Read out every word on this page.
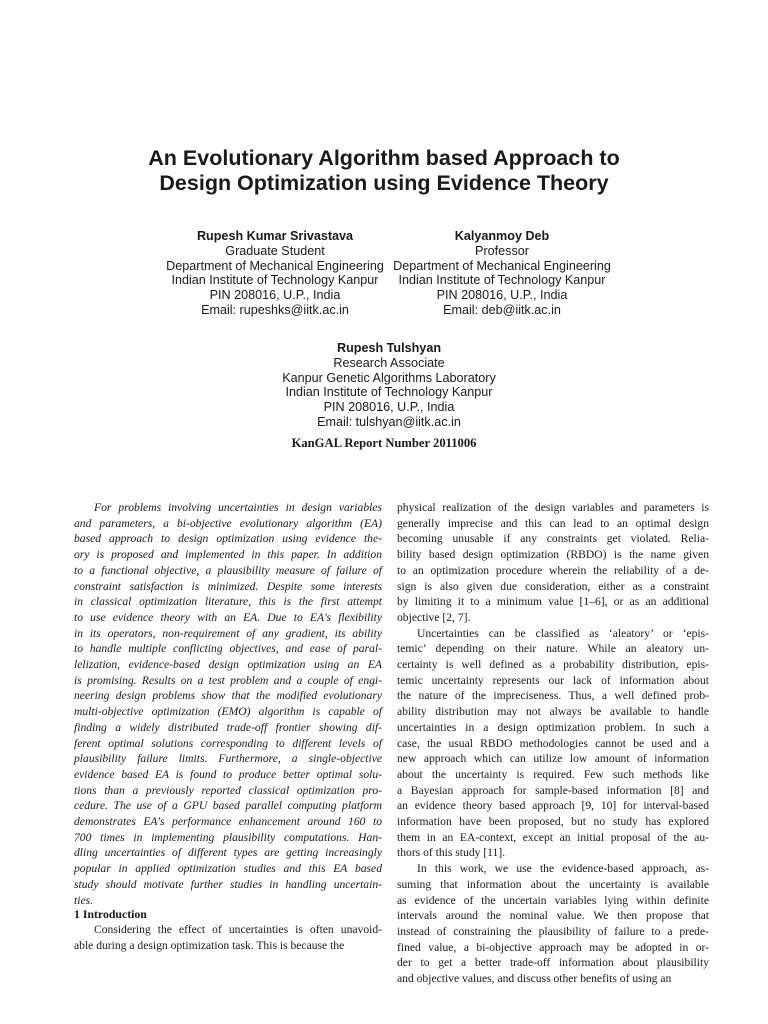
An Evolutionary Algorithm based Approach to
Design Optimization using Evidence Theory
Rupesh Kumar Srivastava
Graduate Student
Department of Mechanical Engineering
Indian Institute of Technology Kanpur
PIN 208016, U.P., India
Email: rupeshks@iitk.ac.in
Kalyanmoy Deb
Professor
Department of Mechanical Engineering
Indian Institute of Technology Kanpur
PIN 208016, U.P., India
Email: deb@iitk.ac.in
Rupesh Tulshyan
Research Associate
Kanpur Genetic Algorithms Laboratory
Indian Institute of Technology Kanpur
PIN 208016, U.P., India
Email: tulshyan@iitk.ac.in
KanGAL Report Number 2011006
For problems involving uncertainties in design variables
and parameters, a bi-objective evolutionary algorithm (EA)
based approach to design optimization using evidence the-
ory is proposed and implemented in this paper. In addition
to a functional objective, a plausibility measure of failure of
constraint satisfaction is minimized. Despite some interests
in classical optimization literature, this is the first attempt
to use evidence theory with an EA. Due to EA's flexibility
in its operators, non-requirement of any gradient, its ability
to handle multiple conflicting objectives, and ease of paral-
lelization, evidence-based design optimization using an EA
is promising. Results on a test problem and a couple of engi-
neering design problems show that the modified evolutionary
multi-objective optimization (EMO) algorithm is capable of
finding a widely distributed trade-off frontier showing dif-
ferent optimal solutions corresponding to different levels of
plausibility failure limits. Furthermore, a single-objective
evidence based EA is found to produce better optimal solu-
tions than a previously reported classical optimization pro-
cedure. The use of a GPU based parallel computing platform
demonstrates EA's performance enhancement around 160 to
700 times in implementing plausibility computations. Han-
dling uncertainties of different types are getting increasingly
popular in applied optimization studies and this EA based
study should motivate further studies in handling uncertain-
ties.
1 Introduction
Considering the effect of uncertainties is often unavoid-
able during a design optimization task. This is because the
physical realization of the design variables and parameters is
generally imprecise and this can lead to an optimal design
becoming unusable if any constraints get violated. Relia-
bility based design optimization (RBDO) is the name given
to an optimization procedure wherein the reliability of a de-
sign is also given due consideration, either as a constraint
by limiting it to a minimum value [1–6], or as an additional
objective [2, 7].
Uncertainties can be classified as ‘aleatory’ or ‘epis-
temic’ depending on their nature. While an aleatory un-
certainty is well defined as a probability distribution, epis-
temic uncertainty represents our lack of information about
the nature of the impreciseness. Thus, a well defined prob-
ability distribution may not always be available to handle
uncertainties in a design optimization problem. In such a
case, the usual RBDO methodologies cannot be used and a
new approach which can utilize low amount of information
about the uncertainty is required. Few such methods like
a Bayesian approach for sample-based information [8] and
an evidence theory based approach [9, 10] for interval-based
information have been proposed, but no study has explored
them in an EA-context, except an initial proposal of the au-
thors of this study [11].
In this work, we use the evidence-based approach, as-
suming that information about the uncertainty is available
as evidence of the uncertain variables lying within definite
intervals around the nominal value. We then propose that
instead of constraining the plausibility of failure to a prede-
fined value, a bi-objective approach may be adopted in or-
der to get a better trade-off information about plausibility
and objective values, and discuss other benefits of using an
